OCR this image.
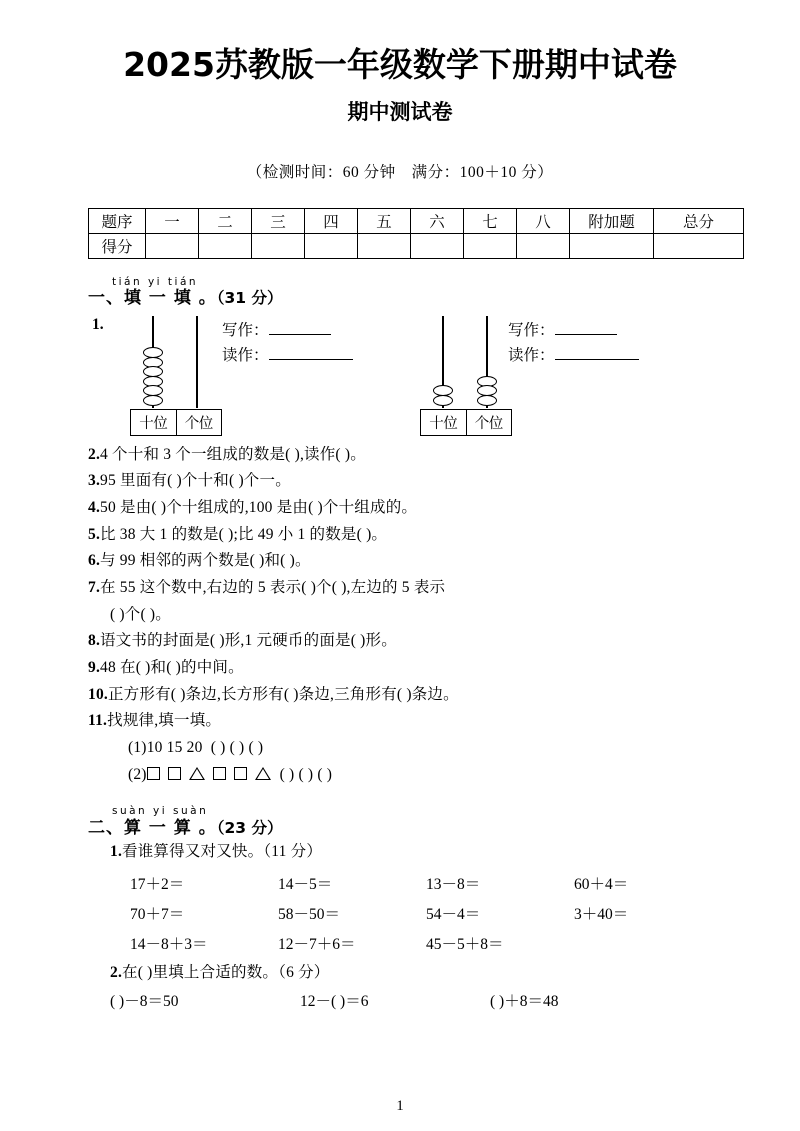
2025苏教版一年级数学下册期中试卷
期中测试卷

（检测时间：60 分钟　满分：100＋10 分）

题序	一	二	三	四	五	六	七	八	附加题	总分
得分										
tián yi tián
一、填 一 填 。（31 分）
1.
十位	个位
写作：
读作：
十位	个位
写作：
读作：
2.4 个十和 3 个一组成的数是( ),读作( )。
3.95 里面有( )个十和( )个一。
4.50 是由( )个十组成的,100 是由( )个十组成的。
5.比 38 大 1 的数是( );比 49 小 1 的数是( )。
6.与 99 相邻的两个数是( )和( )。
7.在 55 这个数中,右边的 5 表示( )个( ),左边的 5 表示
( )个( )。
8.语文书的封面是( )形,1 元硬币的面是( )形。
9.48 在( )和( )的中间。
10.正方形有( )条边,长方形有( )条边,三角形有( )条边。
11.找规律,填一填。
(1)10 15 20 ( ) ( ) ( )
(2)	( ) ( ) ( )
suàn yi suàn
二、算 一 算 。（23 分）
1.看谁算得又对又快。（11 分）
17＋2＝	14－5＝	13－8＝	60＋4＝
70＋7＝	58－50＝	54－4＝	3＋40＝
14－8＋3＝	12－7＋6＝	45－5＋8＝
2.在( )里填上合适的数。（6 分）
( )－8＝50	12－( )＝6	( )＋8＝48
1
